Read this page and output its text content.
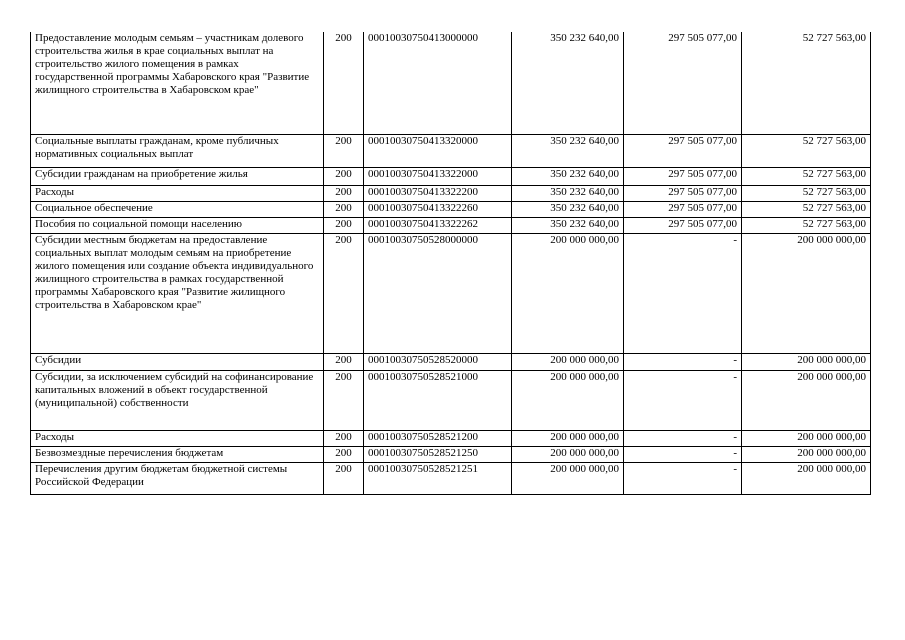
Предоставление молодым семьям – участникам долевого строительства жилья в крае социальных выплат на строительство жилого помещения в рамках государственной программы Хабаровского края "Развитие жилищного строительства в Хабаровском крае"	200	00010030750413000000	350 232 640,00	297 505 077,00	52 727 563,00
Социальные выплаты гражданам, кроме публичных нормативных социальных выплат	200	00010030750413320000	350 232 640,00	297 505 077,00	52 727 563,00
Субсидии гражданам на приобретение жилья	200	00010030750413322000	350 232 640,00	297 505 077,00	52 727 563,00
Расходы	200	00010030750413322200	350 232 640,00	297 505 077,00	52 727 563,00
Социальное обеспечение	200	00010030750413322260	350 232 640,00	297 505 077,00	52 727 563,00
Пособия по социальной помощи населению	200	00010030750413322262	350 232 640,00	297 505 077,00	52 727 563,00
Субсидии местным бюджетам на предоставление социальных выплат молодым семьям на приобретение жилого помещения или создание объекта индивидуального жилищного строительства в рамках государственной программы Хабаровского края "Развитие жилищного строительства в Хабаровском крае"	200	00010030750528000000	200 000 000,00	-	200 000 000,00
Субсидии	200	00010030750528520000	200 000 000,00	-	200 000 000,00
Субсидии, за исключением субсидий на софинансирование капитальных вложений в объект государственной (муниципальной) собственности	200	00010030750528521000	200 000 000,00	-	200 000 000,00
Расходы	200	00010030750528521200	200 000 000,00	-	200 000 000,00
Безвозмездные перечисления бюджетам	200	00010030750528521250	200 000 000,00	-	200 000 000,00
Перечисления другим бюджетам бюджетной системы Российской Федерации	200	00010030750528521251	200 000 000,00	-	200 000 000,00
